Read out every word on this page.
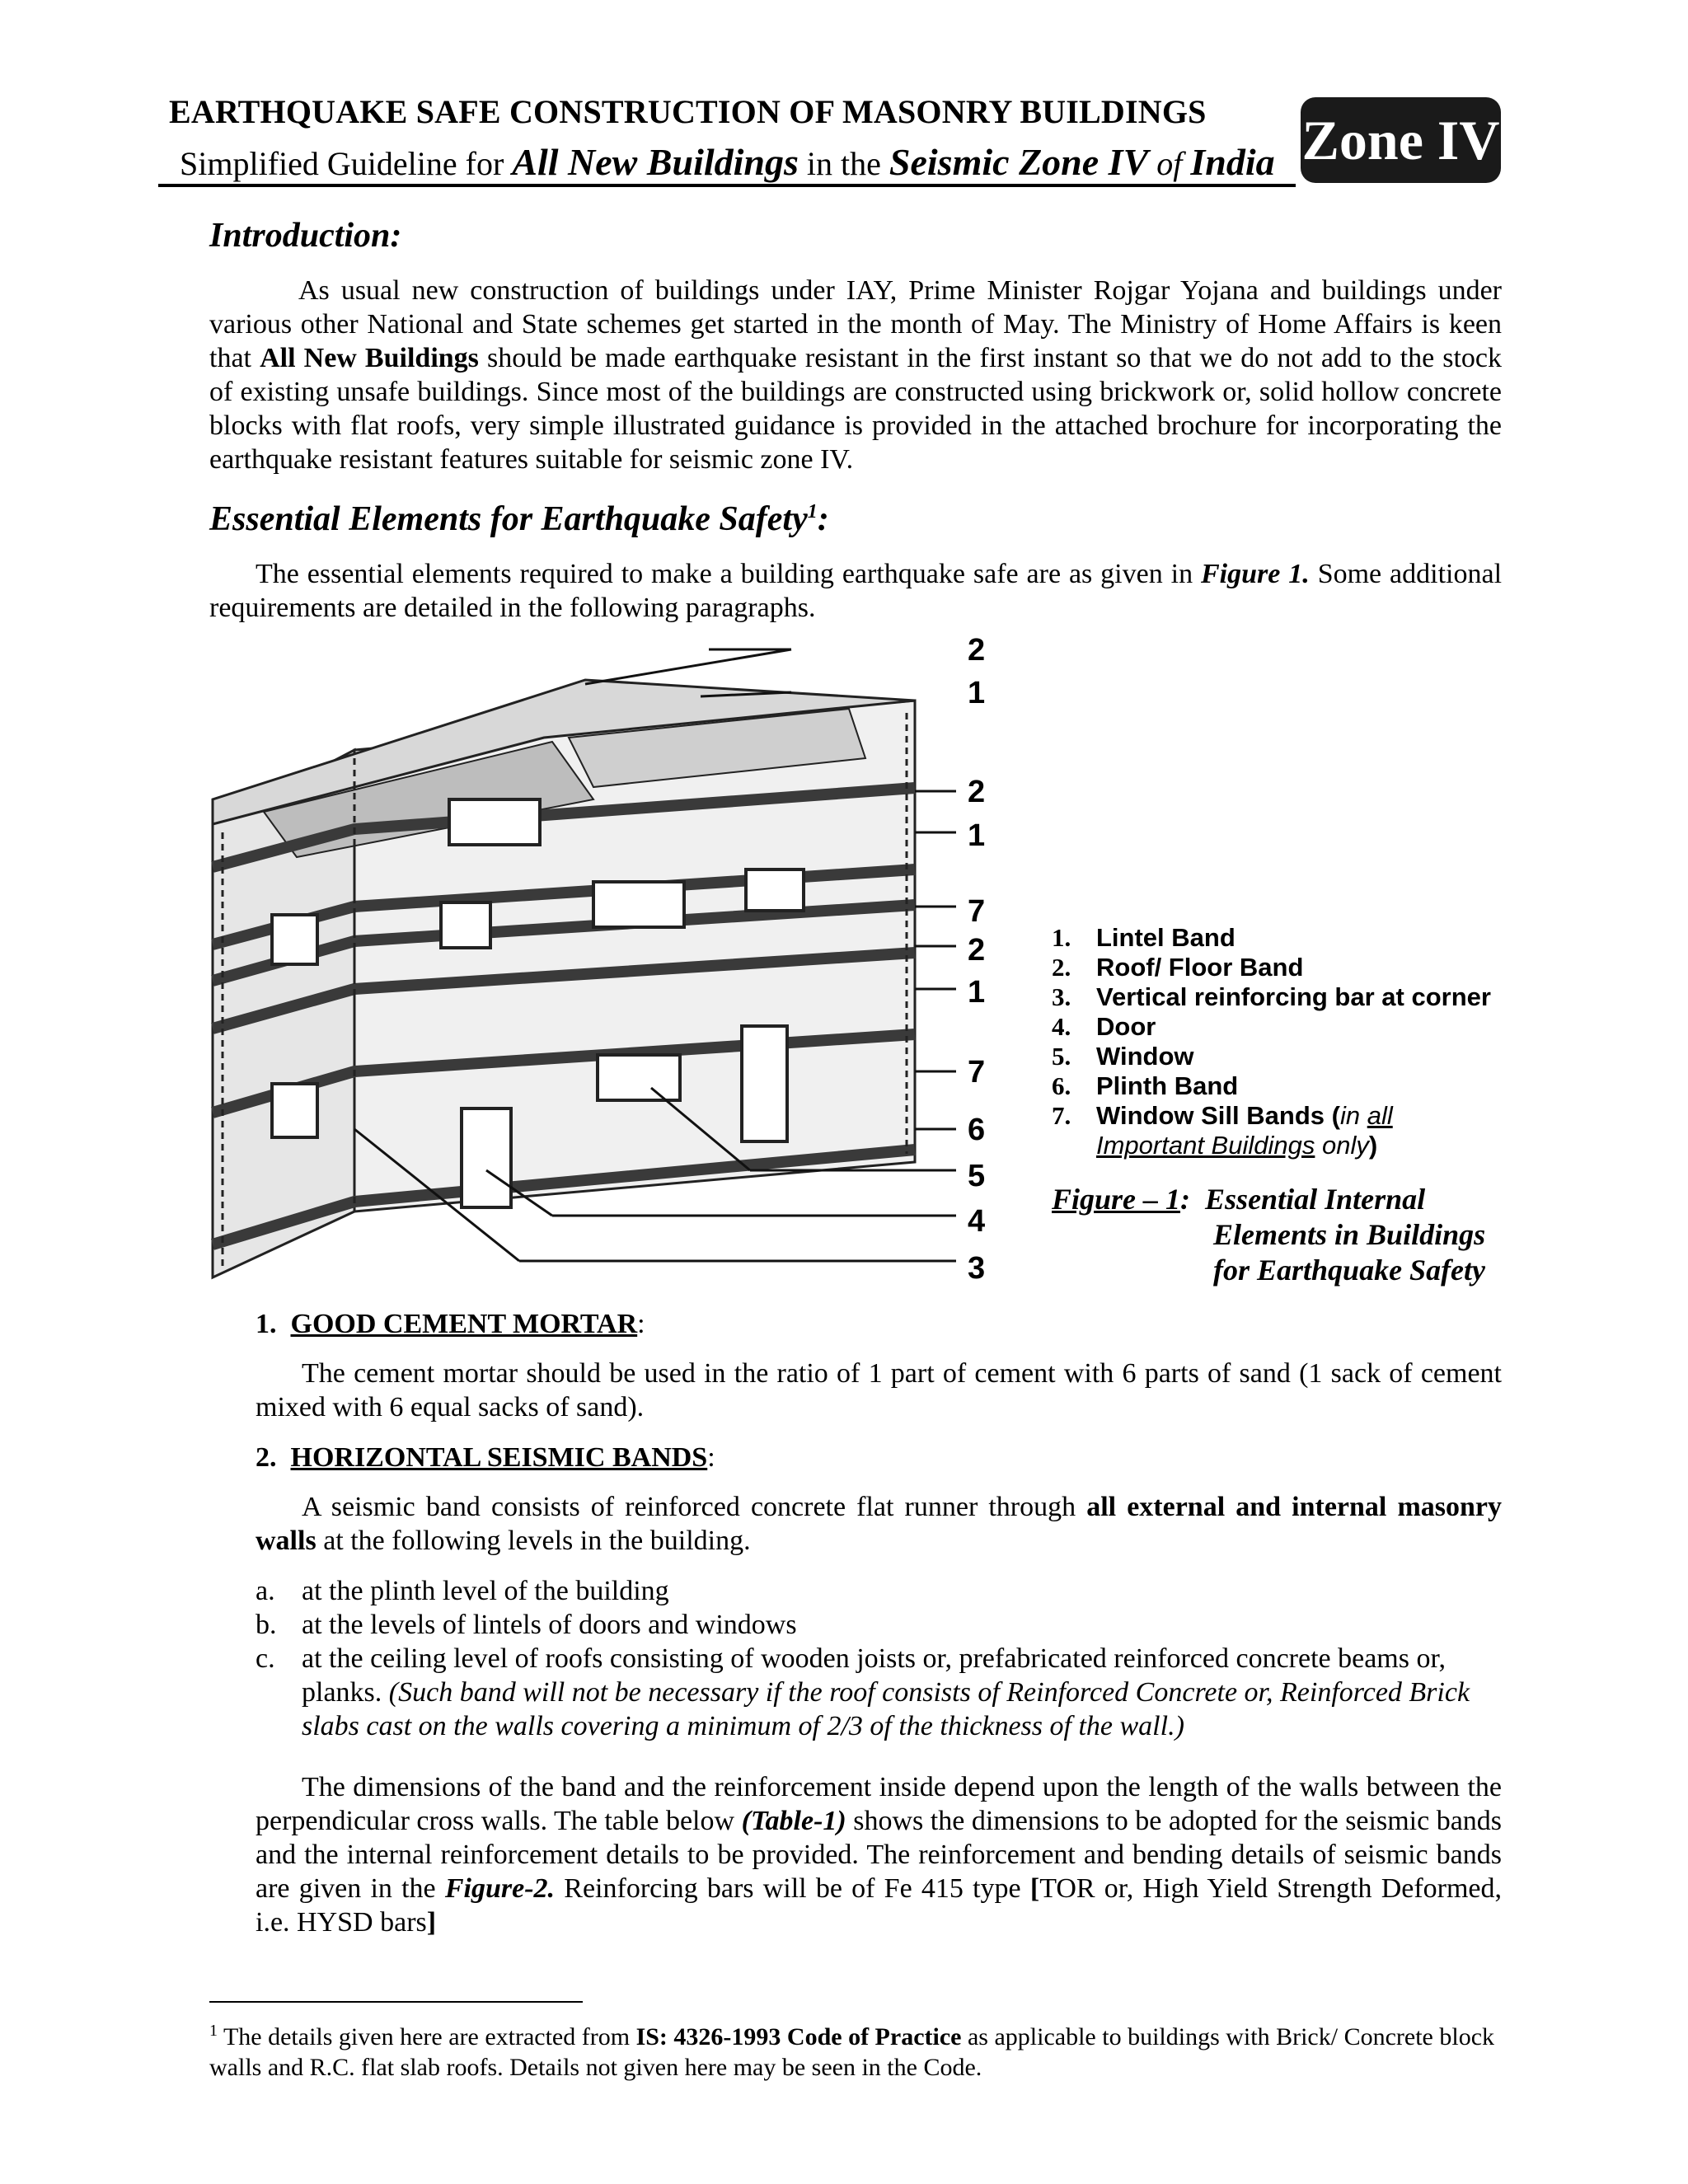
EARTHQUAKE SAFE CONSTRUCTION OF MASONRY BUILDINGS
Simplified Guideline for All New Buildings in the Seismic Zone IV of India Zone IV
Introduction:

As usual new construction of buildings under IAY, Prime Minister Rojgar Yojana and buildings under various other National and State schemes get started in the month of May. The Ministry of Home Affairs is keen that All New Buildings should be made earthquake resistant in the first instant so that we do not add to the stock of existing unsafe buildings. Since most of the buildings are constructed using brickwork or, solid hollow concrete blocks with flat roofs, very simple illustrated guidance is provided in the attached brochure for incorporating the earthquake resistant features suitable for seismic zone IV.

Essential Elements for Earthquake Safety$^1$:

The essential elements required to make a building earthquake safe are as given in Figure 1. Some additional requirements are detailed in the following paragraphs.

2
1
2
1
7
2
1
7
6
5
4
3
1. Lintel Band
2. Roof/ Floor Band
3. Vertical reinforcing bar at corner
4. Door
5. Window
6. Plinth Band
7. Window Sill Bands (in all
Important Buildings only)
Figure – 1: Essential Internal
Elements in Buildings
for Earthquake Safety
1. GOOD CEMENT MORTAR:

The cement mortar should be used in the ratio of 1 part of cement with 6 parts of sand (1 sack of cement mixed with 6 equal sacks of sand).

2. HORIZONTAL SEISMIC BANDS:

A seismic band consists of reinforced concrete flat runner through all external and internal masonry walls at the following levels in the building.

a. at the plinth level of the building
b. at the levels of lintels of doors and windows
c. at the ceiling level of roofs consisting of wooden joists or, prefabricated reinforced concrete beams or, planks. (Such band will not be necessary if the roof consists of Reinforced Concrete or, Reinforced Brick slabs cast on the walls covering a minimum of 2/3 of the thickness of the wall.)

The dimensions of the band and the reinforcement inside depend upon the length of the walls between the perpendicular cross walls. The table below (Table-1) shows the dimensions to be adopted for the seismic bands and the internal reinforcement details to be provided. The reinforcement and bending details of seismic bands are given in the Figure-2. Reinforcing bars will be of Fe 415 type [TOR or, High Yield Strength Deformed, i.e. HYSD bars]

$^1$ The details given here are extracted from IS: 4326-1993 Code of Practice as applicable to buildings with Brick/ Concrete block walls and R.C. flat slab roofs. Details not given here may be seen in the Code.
